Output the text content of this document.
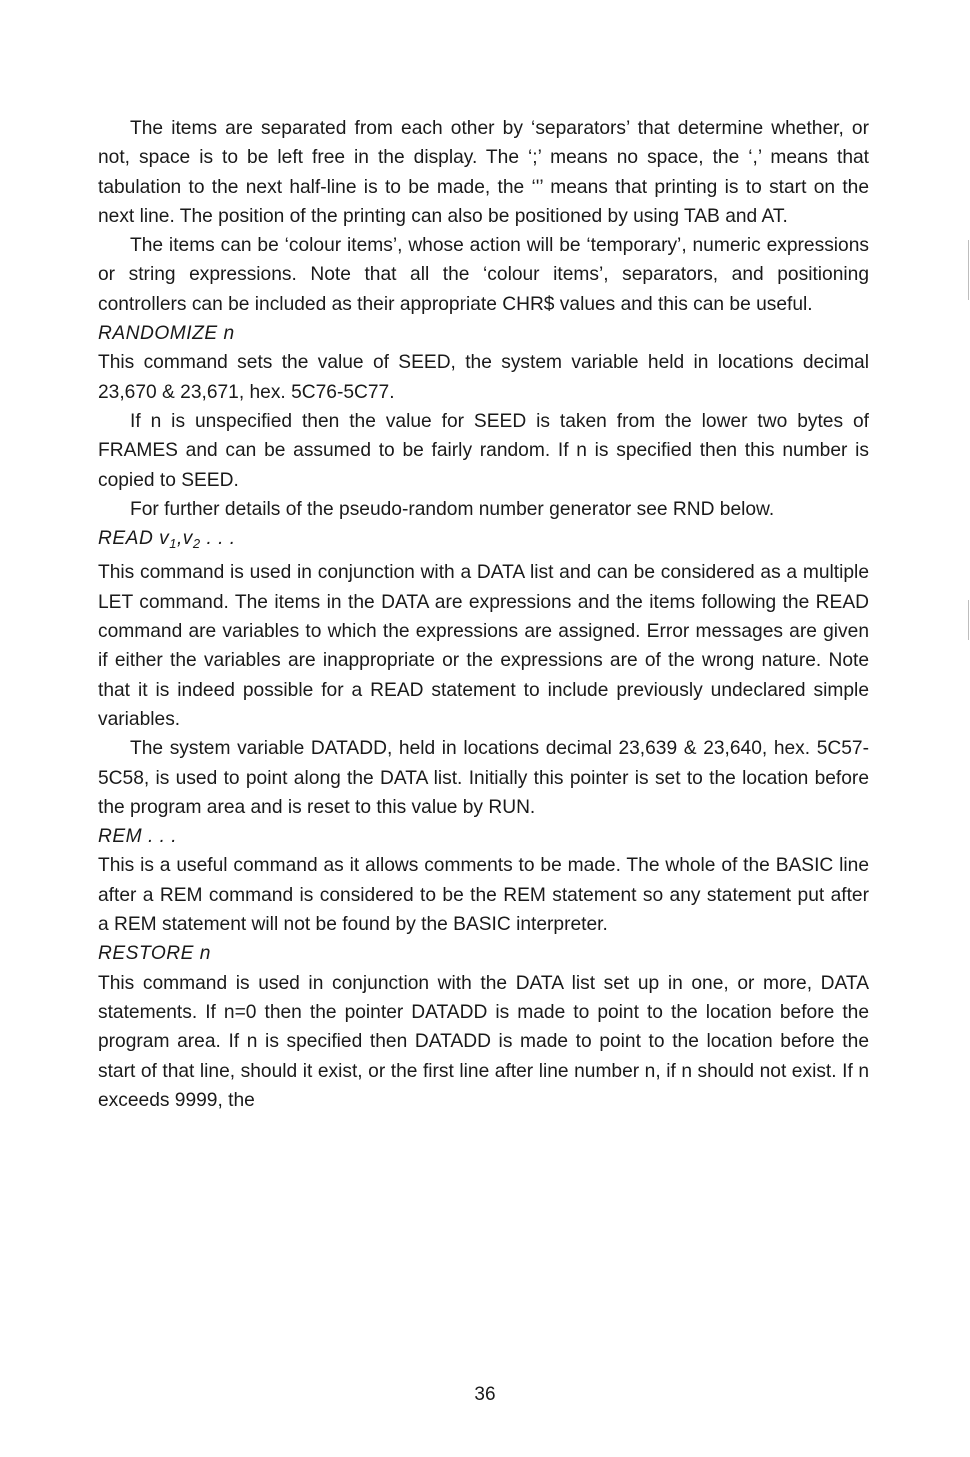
The items are separated from each other by ‘separators’ that determine whether, or not, space is to be left free in the display. The ‘;’ means no space, the ‘,’ means that tabulation to the next half-line is to be made, the ‘'’ means that printing is to start on the next line. The position of the printing can also be positioned by using TAB and AT.

The items can be ‘colour items’, whose action will be ‘temporary’, numeric expressions or string expressions. Note that all the ‘colour items’, separators, and positioning controllers can be included as their appropriate CHR$ values and this can be useful.

RANDOMIZE n

This command sets the value of SEED, the system variable held in locations decimal 23,670 & 23,671, hex. 5C76-5C77.

If n is unspecified then the value for SEED is taken from the lower two bytes of FRAMES and can be assumed to be fairly random. If n is specified then this number is copied to SEED.

For further details of the pseudo-random number generator see RND below.

READ $v_1,v_2$ . . .

This command is used in conjunction with a DATA list and can be considered as a multiple LET command. The items in the DATA are expressions and the items following the READ command are variables to which the expressions are assigned. Error messages are given if either the variables are inappropriate or the expressions are of the wrong nature. Note that it is indeed possible for a READ statement to include previously undeclared simple variables.

The system variable DATADD, held in locations decimal 23,639 & 23,640, hex. 5C57-5C58, is used to point along the DATA list. Initially this pointer is set to the location before the program area and is reset to this value by RUN.

REM . . .

This is a useful command as it allows comments to be made. The whole of the BASIC line after a REM command is considered to be the REM statement so any statement put after a REM statement will not be found by the BASIC interpreter.

RESTORE n

This command is used in conjunction with the DATA list set up in one, or more, DATA statements. If n=0 then the pointer DATADD is made to point to the location before the program area. If n is specified then DATADD is made to point to the location before the start of that line, should it exist, or the first line after line number n, if n should not exist. If n exceeds 9999, the

36
